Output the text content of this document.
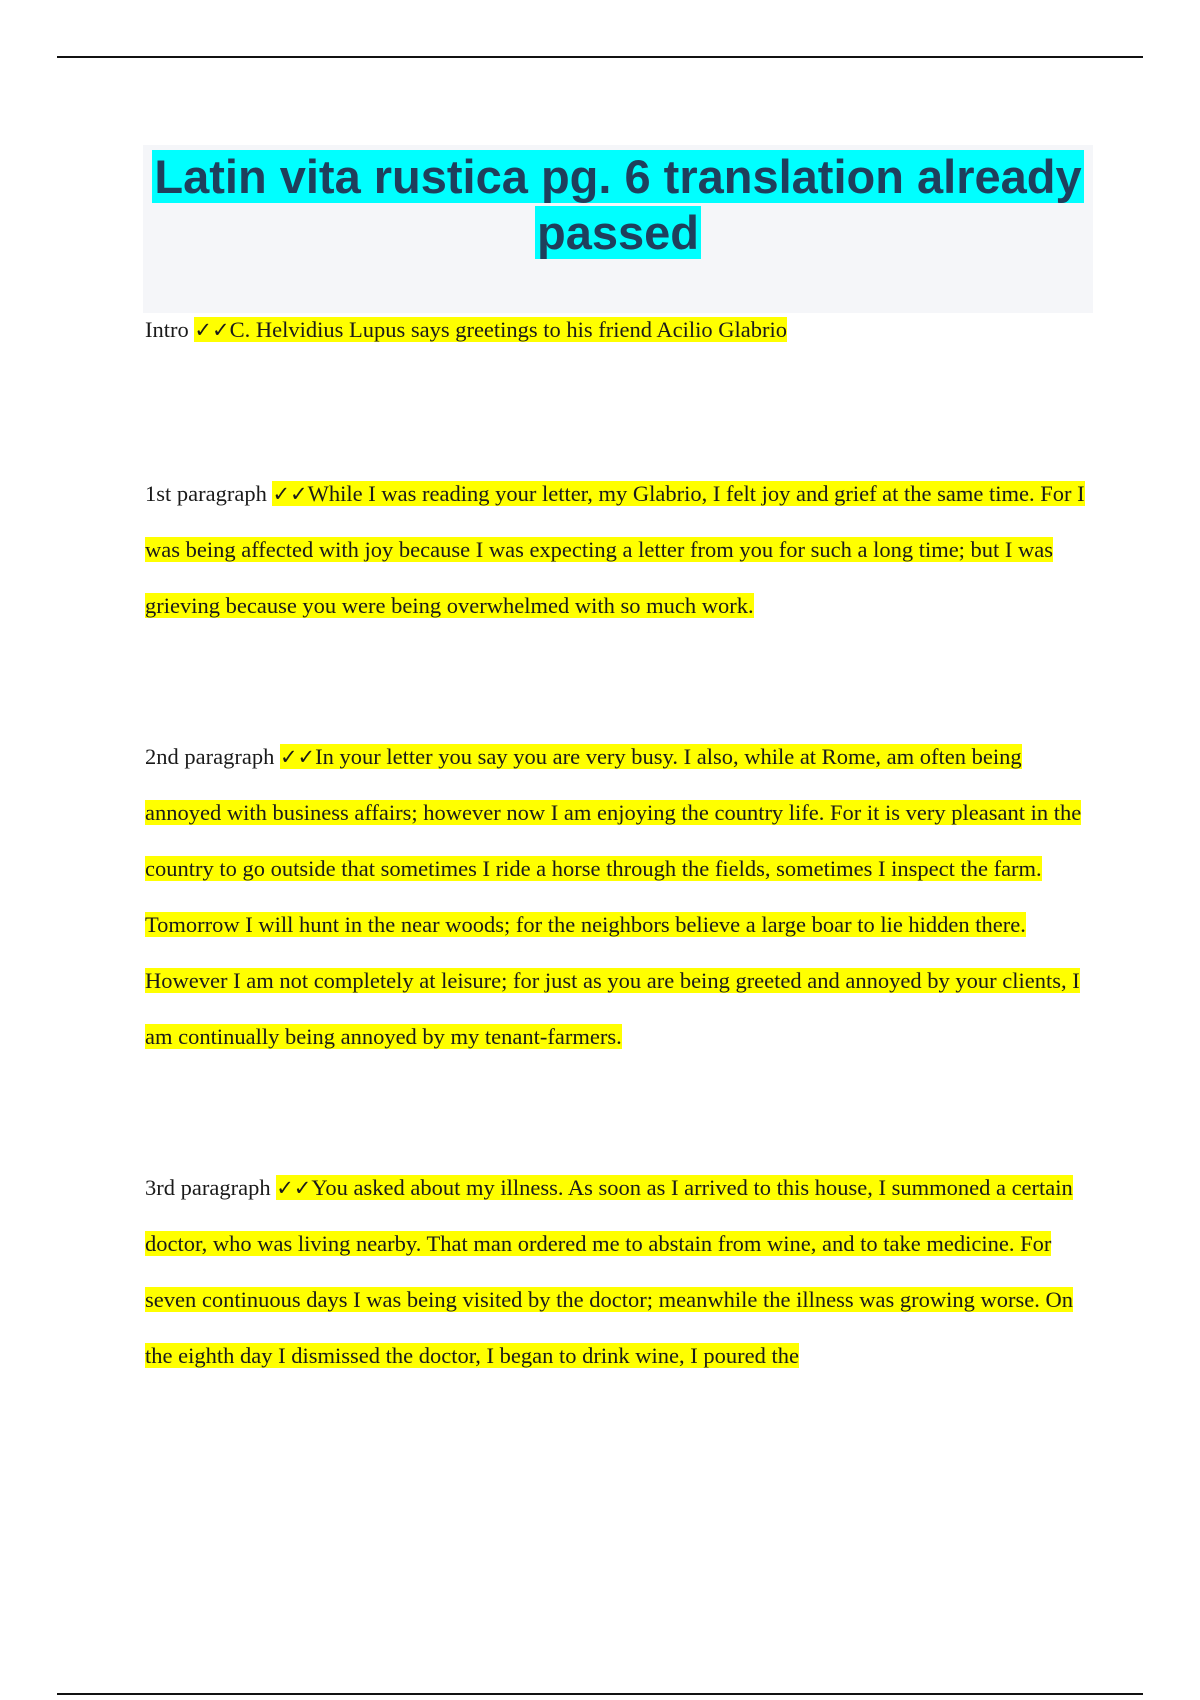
Latin vita rustica pg. 6 translation already passed

Intro ✓✓C. Helvidius Lupus says greetings to his friend Acilio Glabrio

1st paragraph ✓✓While I was reading your letter, my Glabrio, I felt joy and grief at the same time. For I was being affected with joy because I was expecting a letter from you for such a long time; but I was grieving because you were being overwhelmed with so much work.

2nd paragraph ✓✓In your letter you say you are very busy. I also, while at Rome, am often being annoyed with business affairs; however now I am enjoying the country life. For it is very pleasant in the country to go outside that sometimes I ride a horse through the fields, sometimes I inspect the farm. Tomorrow I will hunt in the near woods; for the neighbors believe a large boar to lie hidden there. However I am not completely at leisure; for just as you are being greeted and annoyed by your clients, I am continually being annoyed by my tenant-farmers.

3rd paragraph ✓✓You asked about my illness. As soon as I arrived to this house, I summoned a certain doctor, who was living nearby. That man ordered me to abstain from wine, and to take medicine. For seven continuous days I was being visited by the doctor; meanwhile the illness was growing worse. On the eighth day I dismissed the doctor, I began to drink wine, I poured the
